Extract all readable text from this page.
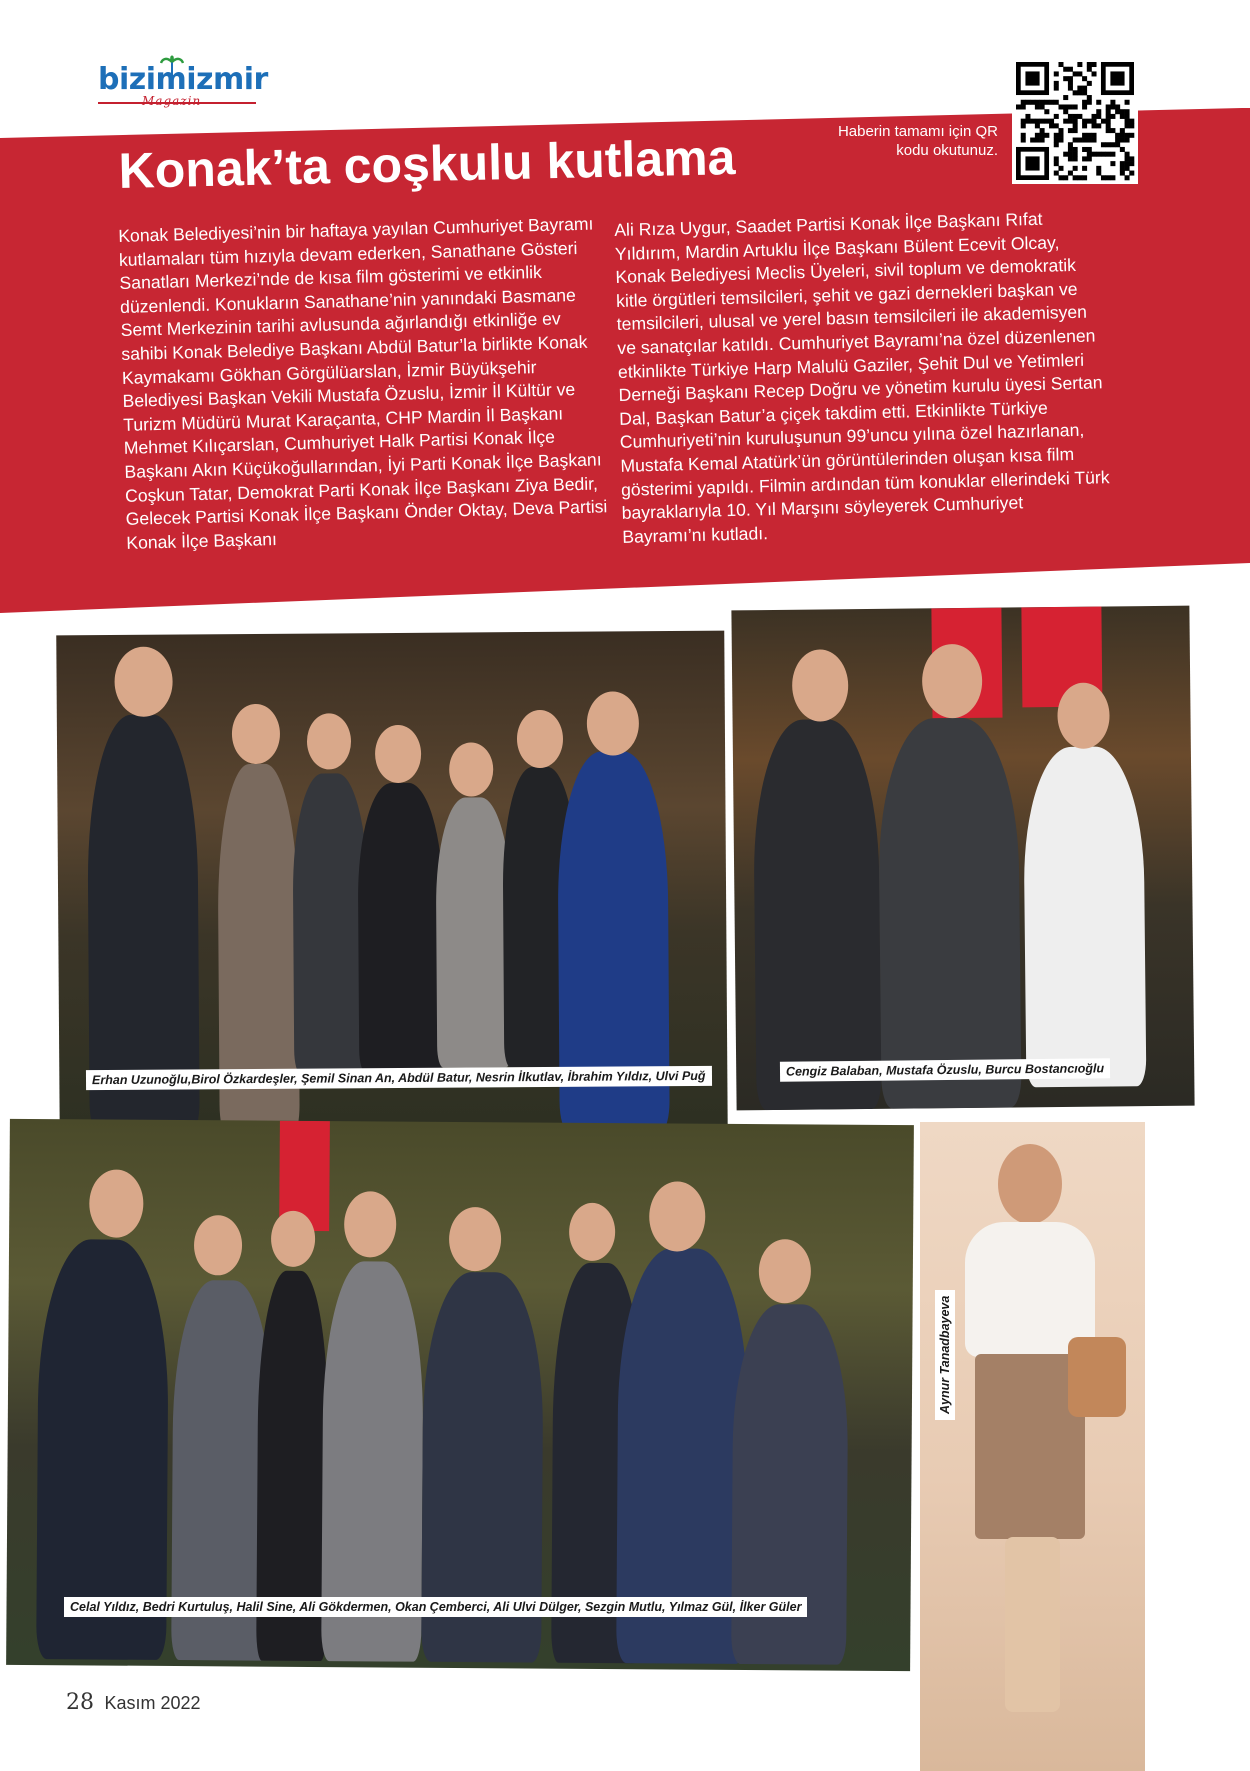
bizimizmir
Magazin
Haberin tamamı için QR kodu okutunuz.
Konak’ta coşkulu kutlama

Konak Belediyesi’nin bir haftaya yayılan Cumhuriyet Bayramı kutlamaları tüm hızıyla devam ederken, Sanathane Gösteri Sanatları Merkezi’nde de kısa film gösterimi ve etkinlik düzenlendi. Konukların Sanathane’nin yanındaki Basmane Semt Merkezinin tarihi avlusunda ağırlandığı etkinliğe ev sahibi Konak Belediye Başkanı Abdül Batur’la birlikte Konak Kaymakamı Gökhan Görgülüarslan, İzmir Büyükşehir Belediyesi Başkan Vekili Mustafa Özuslu, İzmir İl Kültür ve Turizm Müdürü Murat Karaçanta, CHP Mardin İl Başkanı Mehmet Kılıçarslan, Cumhuriyet Halk Partisi Konak İlçe Başkanı Akın Küçükoğullarından, İyi Parti Konak İlçe Başkanı Coşkun Tatar, Demokrat Parti Konak İlçe Başkanı Ziya Bedir, Gelecek Partisi Konak İlçe Başkanı Önder Oktay, Deva Partisi Konak İlçe Başkanı

Ali Rıza Uygur, Saadet Partisi Konak İlçe Başkanı Rıfat Yıldırım, Mardin Artuklu İlçe Başkanı Bülent Ecevit Olcay, Konak Belediyesi Meclis Üyeleri, sivil toplum ve demokratik kitle örgütleri temsilcileri, şehit ve gazi dernekleri başkan ve temsilcileri, ulusal ve yerel basın temsilcileri ile akademisyen ve sanatçılar katıldı. Cumhuriyet Bayramı’na özel düzenlenen etkinlikte Türkiye Harp Malulü Gaziler, Şehit Dul ve Yetimleri Derneği Başkanı Recep Doğru ve yönetim kurulu üyesi Sertan Dal, Başkan Batur’a çiçek takdim etti. Etkinlikte Türkiye Cumhuriyeti’nin kuruluşunun 99’uncu yılına özel hazırlanan, Mustafa Kemal Atatürk’ün görüntülerinden oluşan kısa film gösterimi yapıldı. Filmin ardından tüm konuklar ellerindeki Türk bayraklarıyla 10. Yıl Marşını söyleyerek Cumhuriyet Bayramı’nı kutladı.

Erhan Uzunoğlu,Birol Özkardeşler, Şemil Sinan An, Abdül Batur, Nesrin İlkutlav, İbrahim Yıldız, Ulvi Puğ	Cengiz Balaban, Mustafa Özuslu, Burcu Bostancıoğlu
Celal Yıldız, Bedri Kurtuluş, Halil Sine, Ali Gökdermen, Okan Çemberci, Ali Ulvi Dülger, Sezgin Mutlu, Yılmaz Gül, İlker Güler
Aynur Tanadbayeva
28 Kasım 2022
